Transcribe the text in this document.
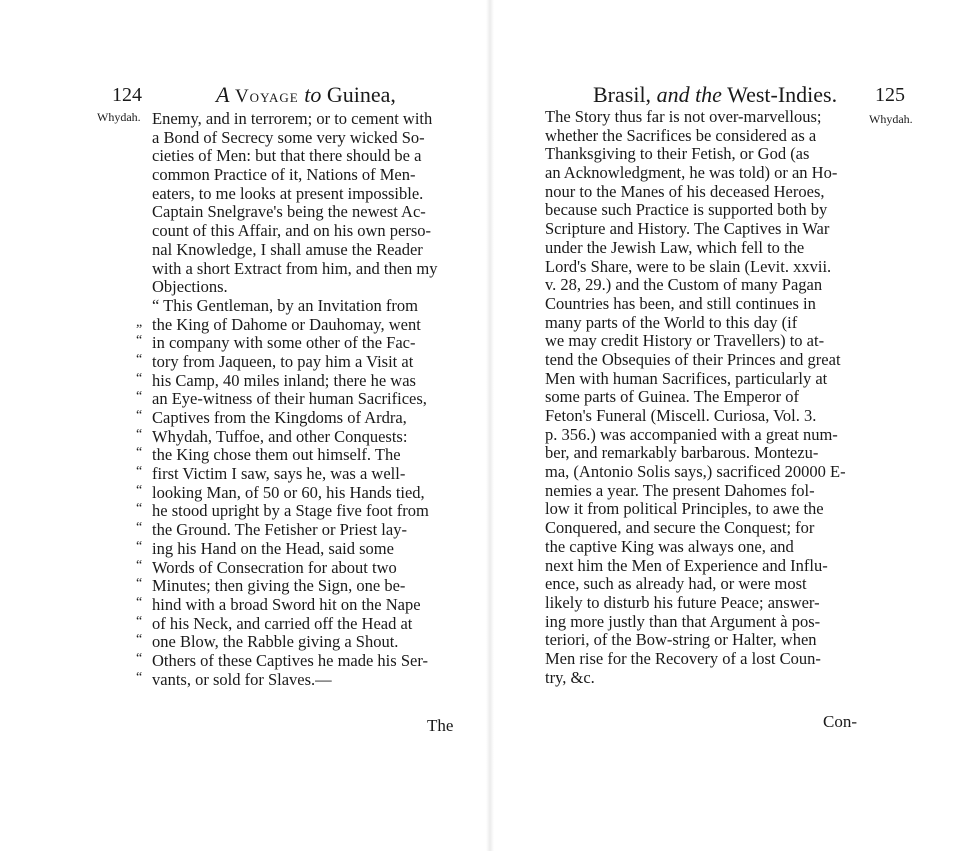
124	A Voyage to Guinea,
Whydah. Enemy, and in terrorem; or to cement with
a Bond of Secrecy some very wicked So-
cieties of Men: but that there should be a
common Practice of it, Nations of Men-
eaters, to me looks at present impossible.
Captain Snelgrave's being the newest Ac-
count of this Affair, and on his own perso-
nal Knowledge, I shall amuse the Reader
with a short Extract from him, and then my
Objections.
“ This Gentleman, by an Invitation from
„ the King of Dahome or Dauhomay, went
“ in company with some other of the Fac-
“ tory from Jaqueen, to pay him a Visit at
“ his Camp, 40 miles inland; there he was
“ an Eye-witness of their human Sacrifices,
“ Captives from the Kingdoms of Ardra,
“ Whydah, Tuffoe, and other Conquests:
“ the King chose them out himself. The
“ first Victim I saw, says he, was a well-
“ looking Man, of 50 or 60, his Hands tied,
“ he stood upright by a Stage five foot from
“ the Ground. The Fetisher or Priest lay-
“ ing his Hand on the Head, said some
“ Words of Consecration for about two
“ Minutes; then giving the Sign, one be-
“ hind with a broad Sword hit on the Nape
“ of his Neck, and carried off the Head at
“ one Blow, the Rabble giving a Shout.
“ Others of these Captives he made his Ser-
“ vants, or sold for Slaves.—
The
Brasil, and the West-Indies. 125
Whydah.
The Story thus far is not over-marvellous;
whether the Sacrifices be considered as a
Thanksgiving to their Fetish, or God (as
an Acknowledgment, he was told) or an Ho-
nour to the Manes of his deceased Heroes,
because such Practice is supported both by
Scripture and History. The Captives in War
under the Jewish Law, which fell to the
Lord's Share, were to be slain (Levit. xxvii.
v. 28, 29.) and the Custom of many Pagan
Countries has been, and still continues in
many parts of the World to this day (if
we may credit History or Travellers) to at-
tend the Obsequies of their Princes and great
Men with human Sacrifices, particularly at
some parts of Guinea. The Emperor of
Feton's Funeral (Miscell. Curiosa, Vol. 3.
p. 356.) was accompanied with a great num-
ber, and remarkably barbarous. Montezu-
ma, (Antonio Solis says,) sacrificed 20000 E-
nemies a year. The present Dahomes fol-
low it from political Principles, to awe the
Conquered, and secure the Conquest; for
the captive King was always one, and
next him the Men of Experience and Influ-
ence, such as already had, or were most
likely to disturb his future Peace; answer-
ing more justly than that Argument à pos-
teriori, of the Bow-string or Halter, when
Men rise for the Recovery of a lost Coun-
try, &c.
Con-
